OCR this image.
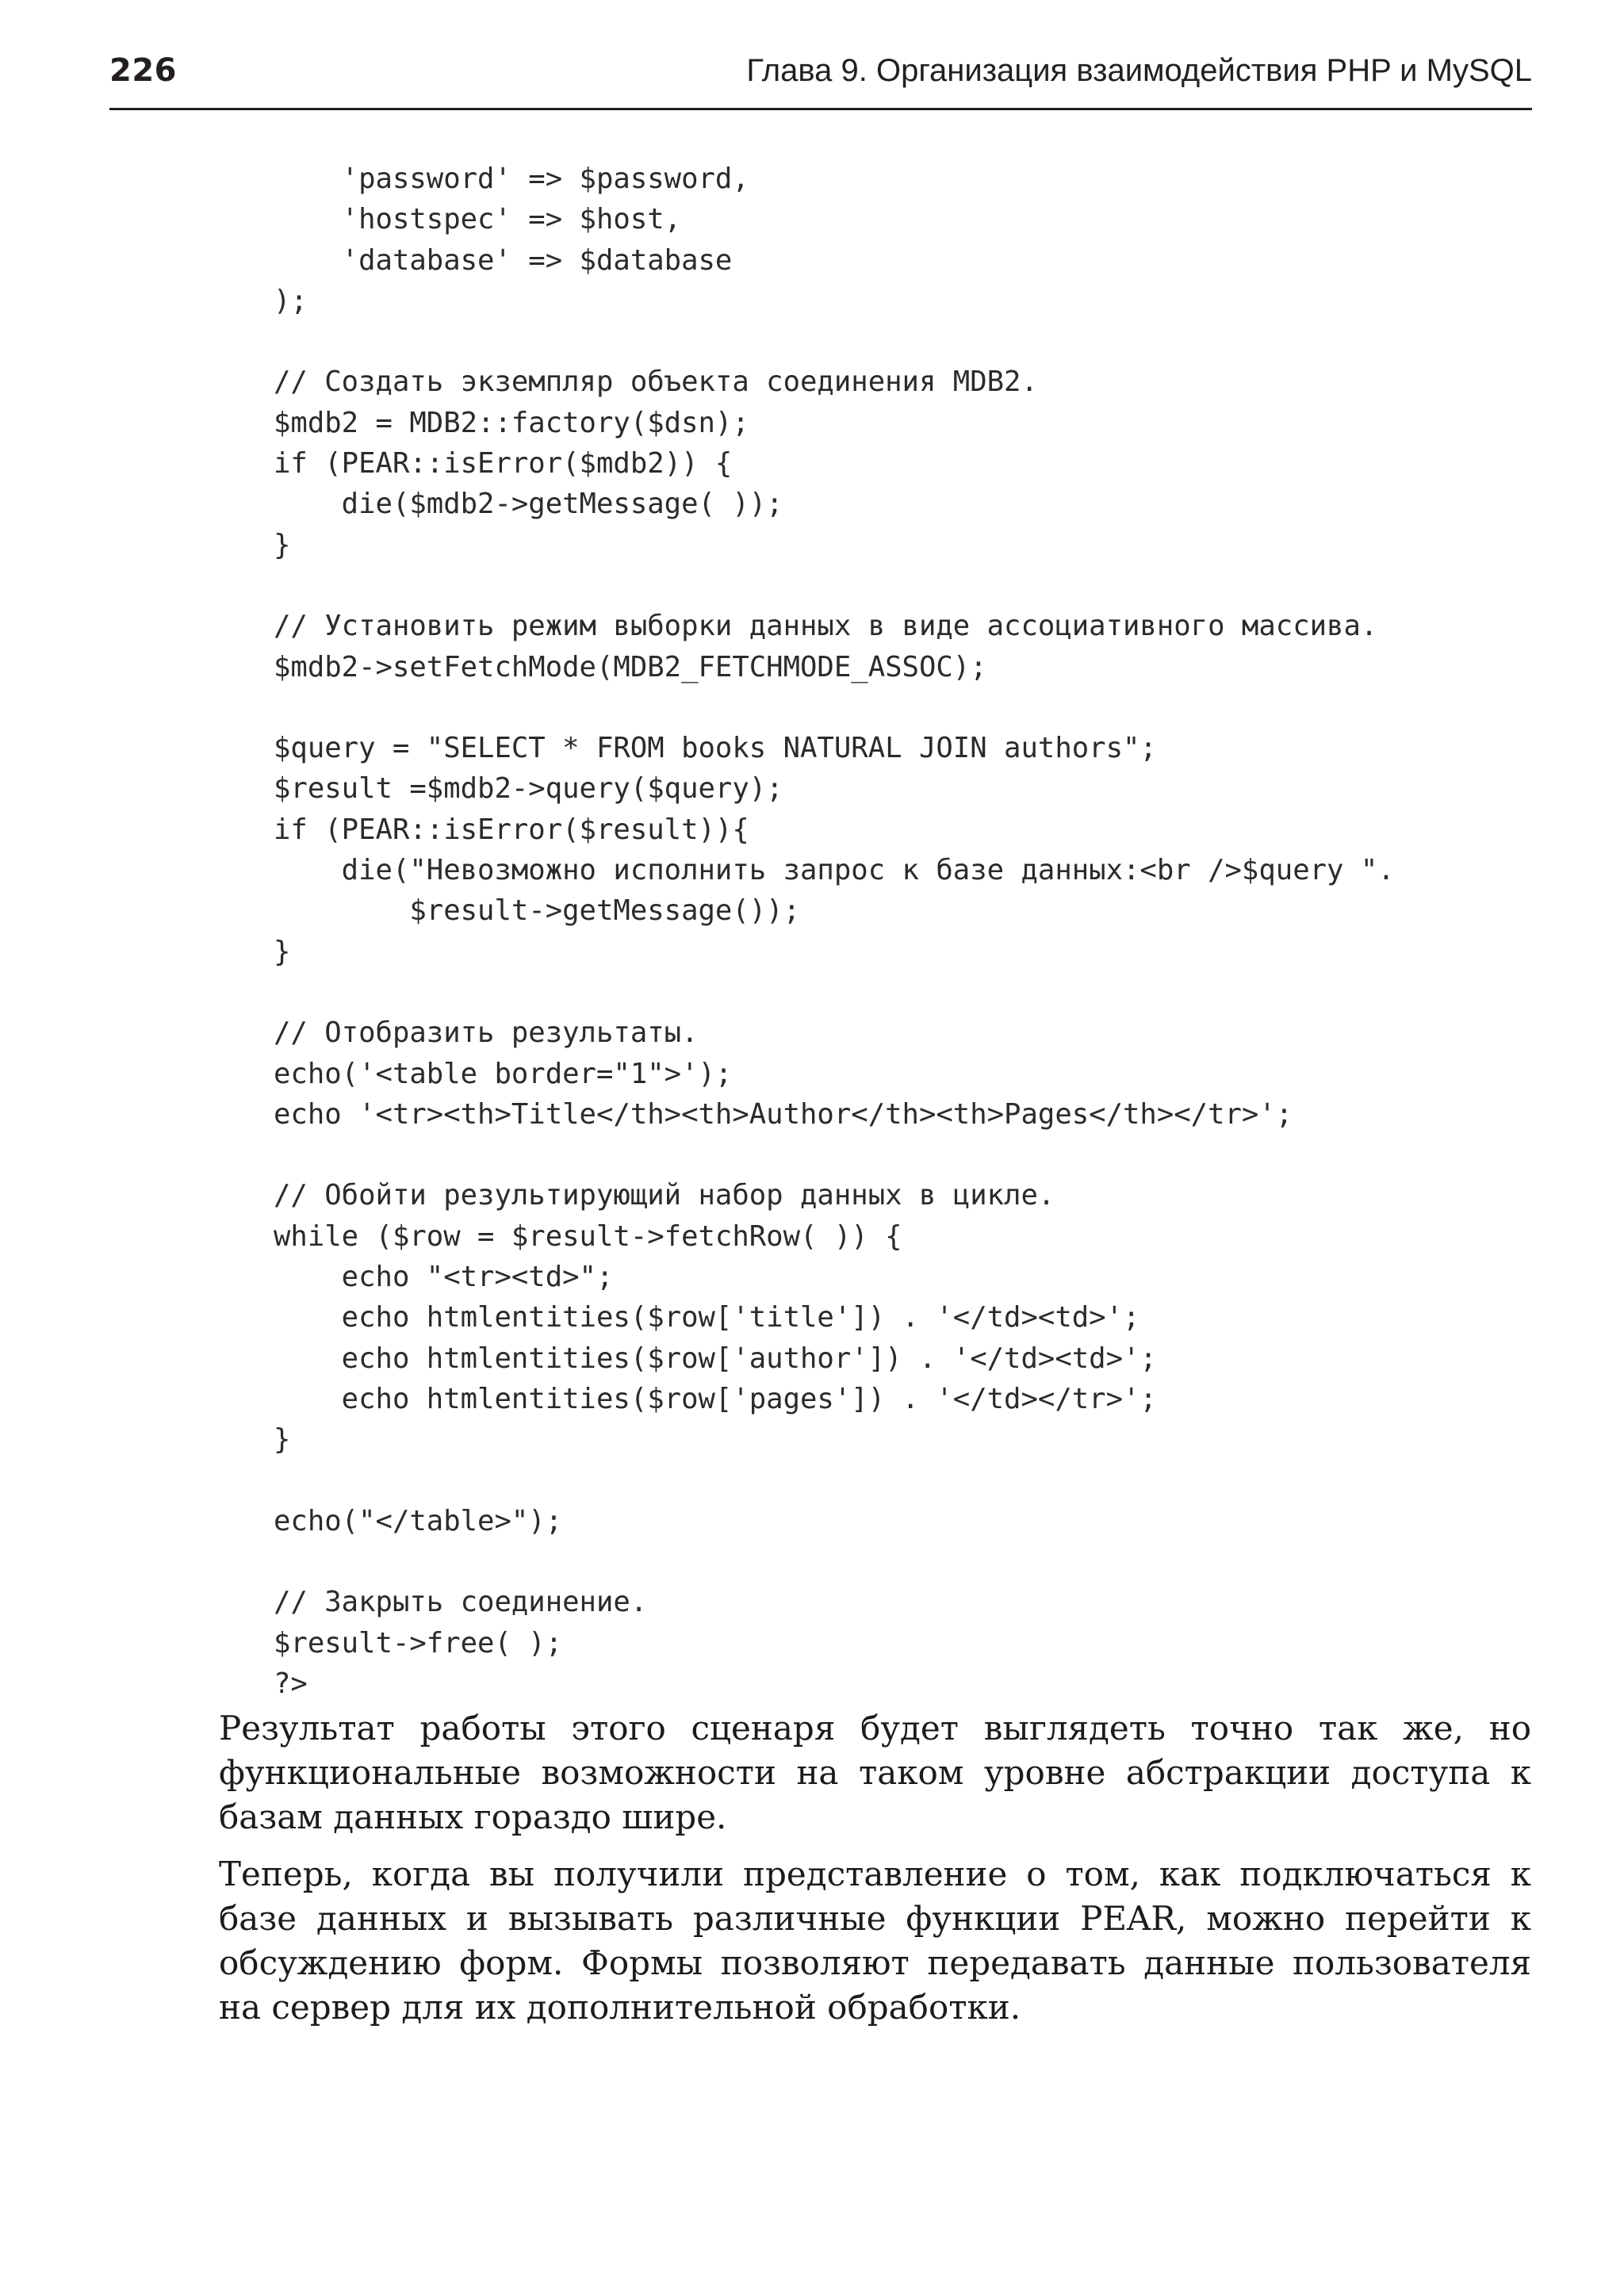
226	Глава 9. Организация взаимодействия PHP и MySQL
'password' => $password,
'hostspec' => $host,
'database' => $database
);
// Создать экземпляр объекта соединения MDB2.
$mdb2 = MDB2::factory($dsn);
if (PEAR::isError($mdb2)) {
die($mdb2->getMessage( ));
}
// Установить режим выборки данных в виде ассоциативного массива.
$mdb2->setFetchMode(MDB2_FETCHMODE_ASSOC);
$query = "SELECT * FROM books NATURAL JOIN authors";
$result =$mdb2->query($query);
if (PEAR::isError($result)){
die("Невозможно исполнить запрос к базе данных:<br />$query ".
$result->getMessage());
}
// Отобразить результаты.
echo('<table border="1">');
echo '<tr><th>Title</th><th>Author</th><th>Pages</th></tr>';
// Обойти результирующий набор данных в цикле.
while ($row = $result->fetchRow( )) {
echo "<tr><td>";
echo htmlentities($row['title']) . '</td><td>';
echo htmlentities($row['author']) . '</td><td>';
echo htmlentities($row['pages']) . '</td></tr>';
}
echo("</table>");
// Закрыть соединение.
$result->free( );
?>

Результат работы этого сценаря будет выглядеть точно так же, но функциональные возможности на таком уровне абстракции доступа к базам данных гораздо шире.

Теперь, когда вы получили представление о том, как подключаться к базе данных и вызывать различные функции PEAR, можно перейти к обсуждению форм. Формы позволяют передавать данные пользователя на сервер для их дополнительной обработки.
